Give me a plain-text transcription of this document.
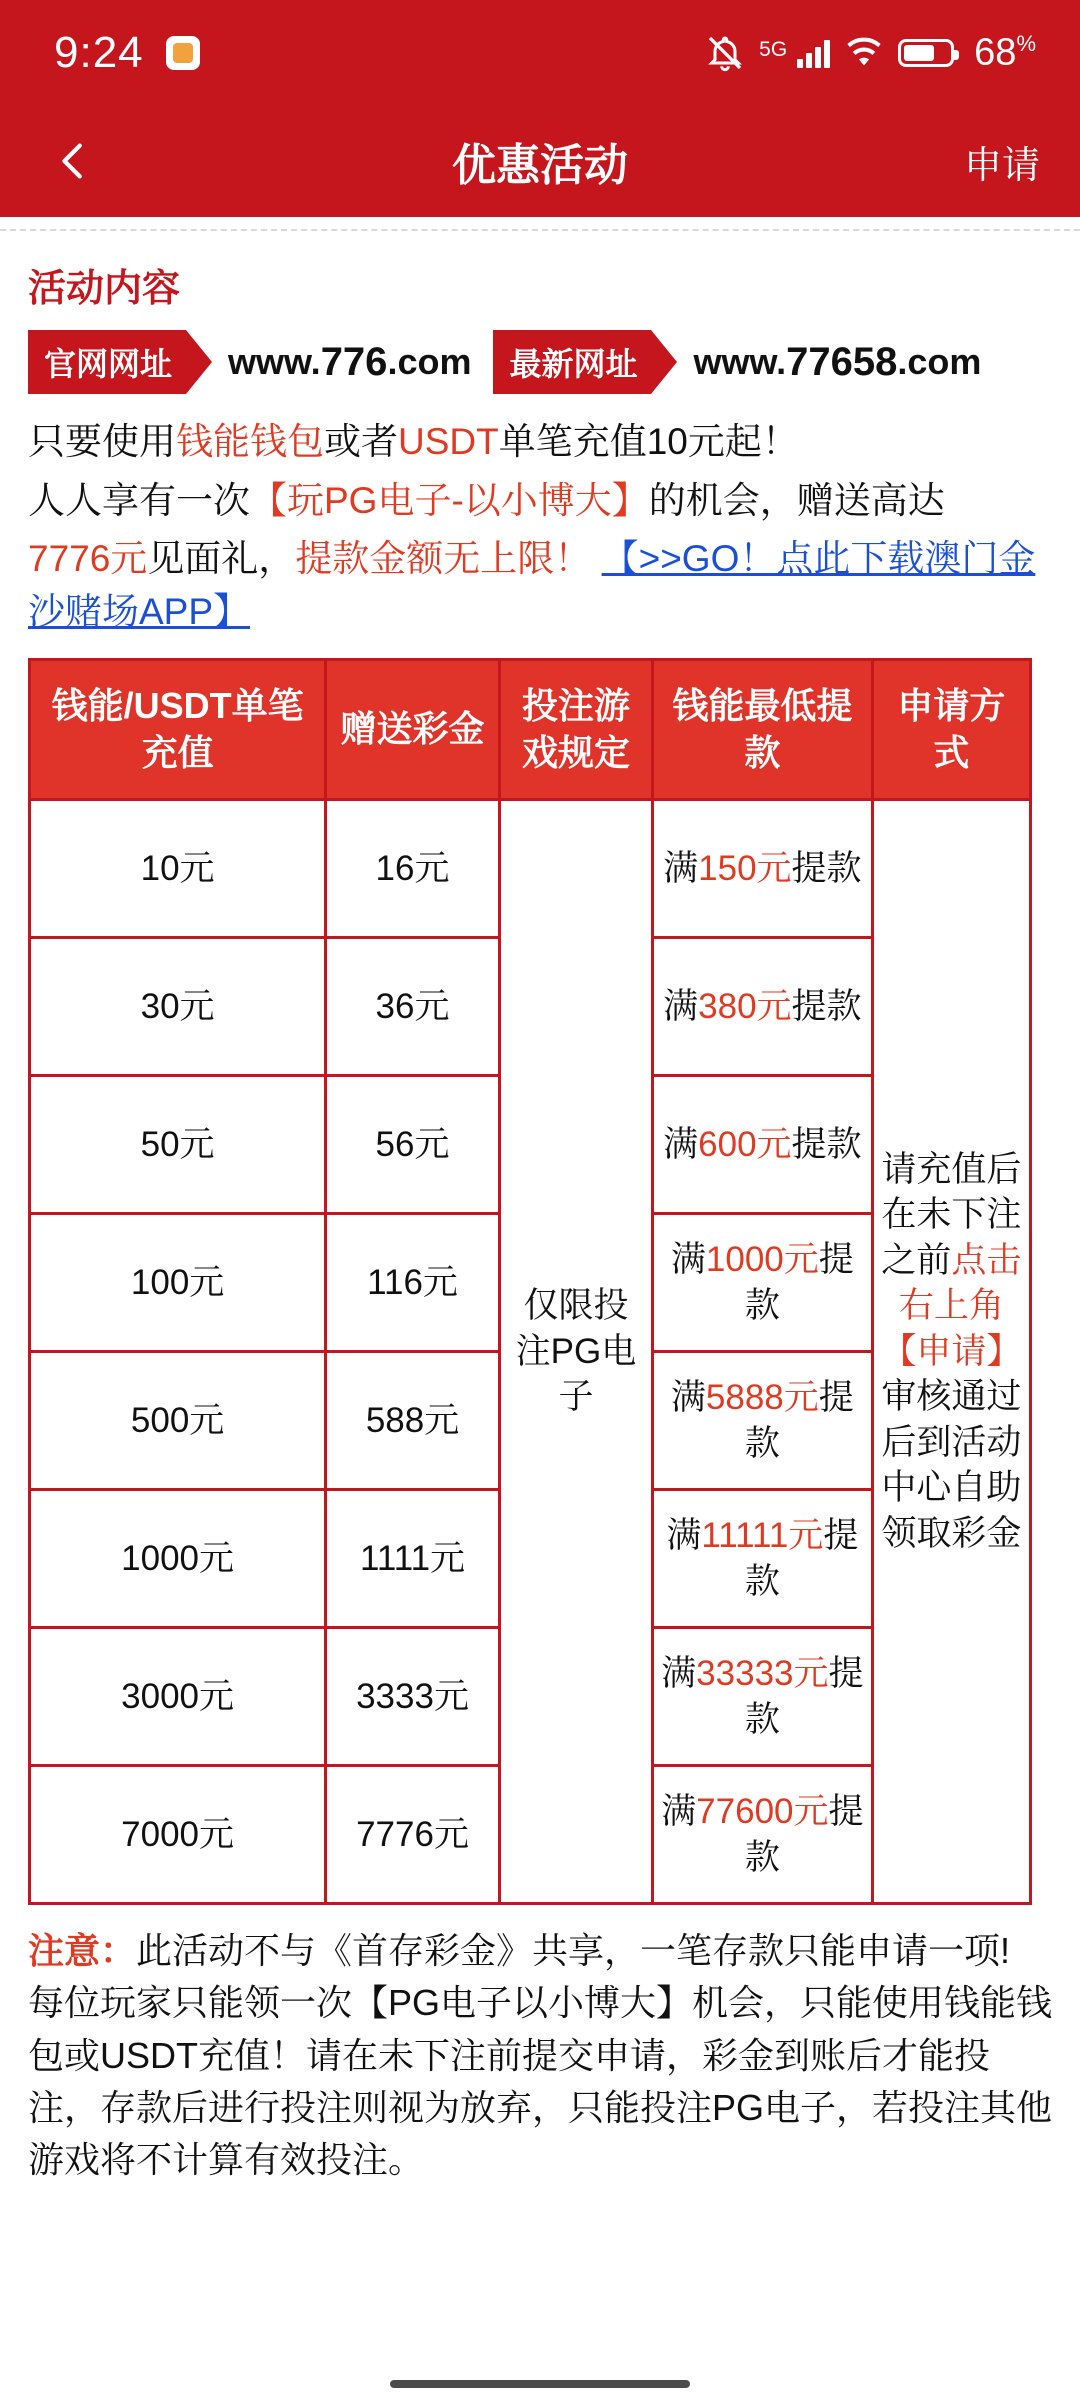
9:24	5G	68%
优惠活动	申请
活动内容
官网网址	www. 776 .com	最新网址	www. 77658 .com
只要使用钱能钱包或者USDT单笔充值10元起！
人人享有一次【玩PG电子-以小博大】的机会，赠送高达
7776元见面礼，提款金额无上限！ 【>>GO！点此下载澳门金沙赌场APP】
钱能/USDT单笔充值	赠送彩金	投注游戏规定	钱能最低提款	申请方式
10元	16元	仅限投注PG电子	满150元提款	请充值后在未下注之前点击右上角【申请】审核通过后到活动中心自助领取彩金
30元	36元		满380元提款	
50元	56元		满600元提款	
100元	116元		满1000元提款	
500元	588元		满5888元提款	
1000元	1111元		满11111元提款	
3000元	3333元		满33333元提款	
7000元	7776元		满77600元提款	
注意：此活动不与《首存彩金》共享，一笔存款只能申请一项! 每位玩家只能领一次【PG电子以小博大】机会，只能使用钱能钱包或USDT充值！请在未下注前提交申请，彩金到账后才能投注，存款后进行投注则视为放弃，只能投注PG电子，若投注其他游戏将不计算有效投注。
